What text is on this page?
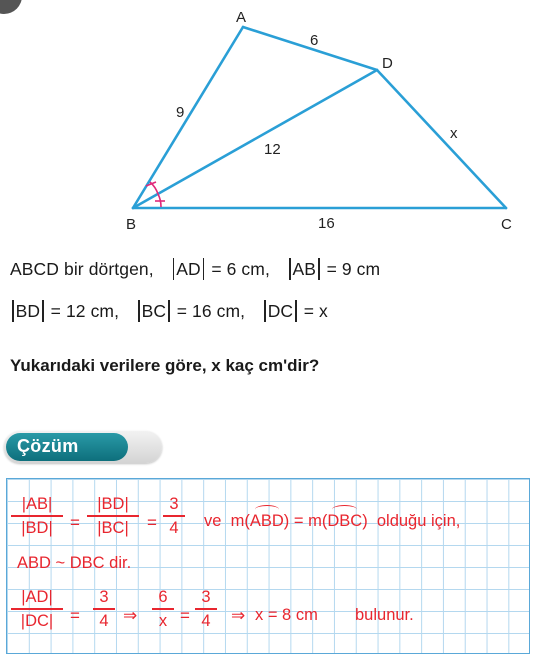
A
B	C
D
9
6
12
16
x
ABCD bir dörtgen, AD = 6 cm, AB = 9 cm
BD = 12 cm, BC = 16 cm, DC = x
Yukarıdaki verilere göre, x kaç cm'dir?
Çözüm
|AB|
|BD|	=
|BD|
|BC|	=
3
4	ve m(
ABD) = m(
DBC) olduğu için,
ABD ~ DBC dir.
|AD|
|DC| =
3
4 ⇒
6
x =
3
4	⇒ x = 8 cm bulunur.
